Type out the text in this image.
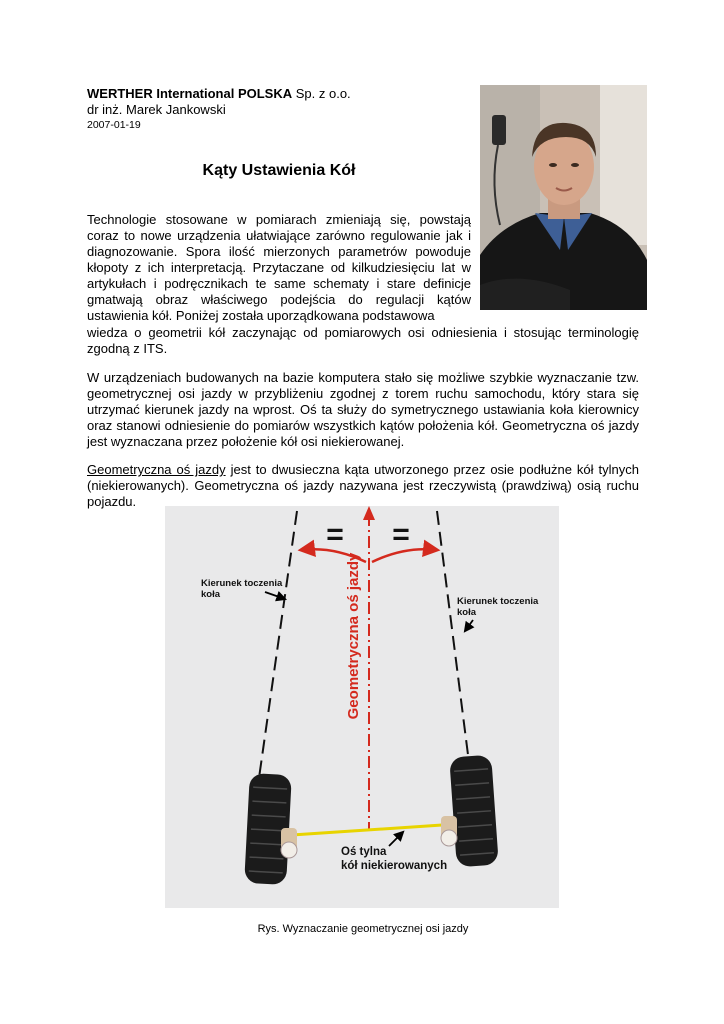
WERTHER International POLSKA Sp. z o.o.
dr inż. Marek Jankowski
2007-01-19
Kąty Ustawienia Kół
Technologie stosowane w pomiarach zmieniają się, powstają coraz to nowe urządzenia ułatwiające zarówno regulowanie jak i diagnozowanie. Spora ilość mierzonych parametrów powoduje kłopoty z ich interpretacją. Przytaczane od kilkudziesięciu lat w artykułach i podręcznikach te same schematy i stare definicje gmatwają obraz właściwego podejścia do regulacji kątów ustawienia kół. Poniżej została uporządkowana podstawowa
wiedza o geometrii kół zaczynając od pomiarowych osi odniesienia i stosując terminologię zgodną z ITS.
W urządzeniach budowanych na bazie komputera stało się możliwe szybkie wyznaczanie tzw. geometrycznej osi jazdy w przybliżeniu zgodnej z torem ruchu samochodu, który stara się utrzymać kierunek jazdy na wprost. Oś ta służy do symetrycznego ustawiania koła kierownicy oraz stanowi odniesienie do pomiarów wszystkich kątów położenia kół. Geometryczna oś jazdy jest wyznaczana przez położenie kół osi niekierowanej.
Geometryczna oś jazdy jest to dwusieczna kąta utworzonego przez osie podłużne kół tylnych (niekierowanych). Geometryczna oś jazdy nazywana jest rzeczywistą (prawdziwą) osią ruchu pojazdu.
= =
Geometryczna oś jazdy
Kierunek toczenia
koła
Kierunek toczenia
koła
Oś tylna
kół niekierowanych
Rys. Wyznaczanie geometrycznej osi jazdy
